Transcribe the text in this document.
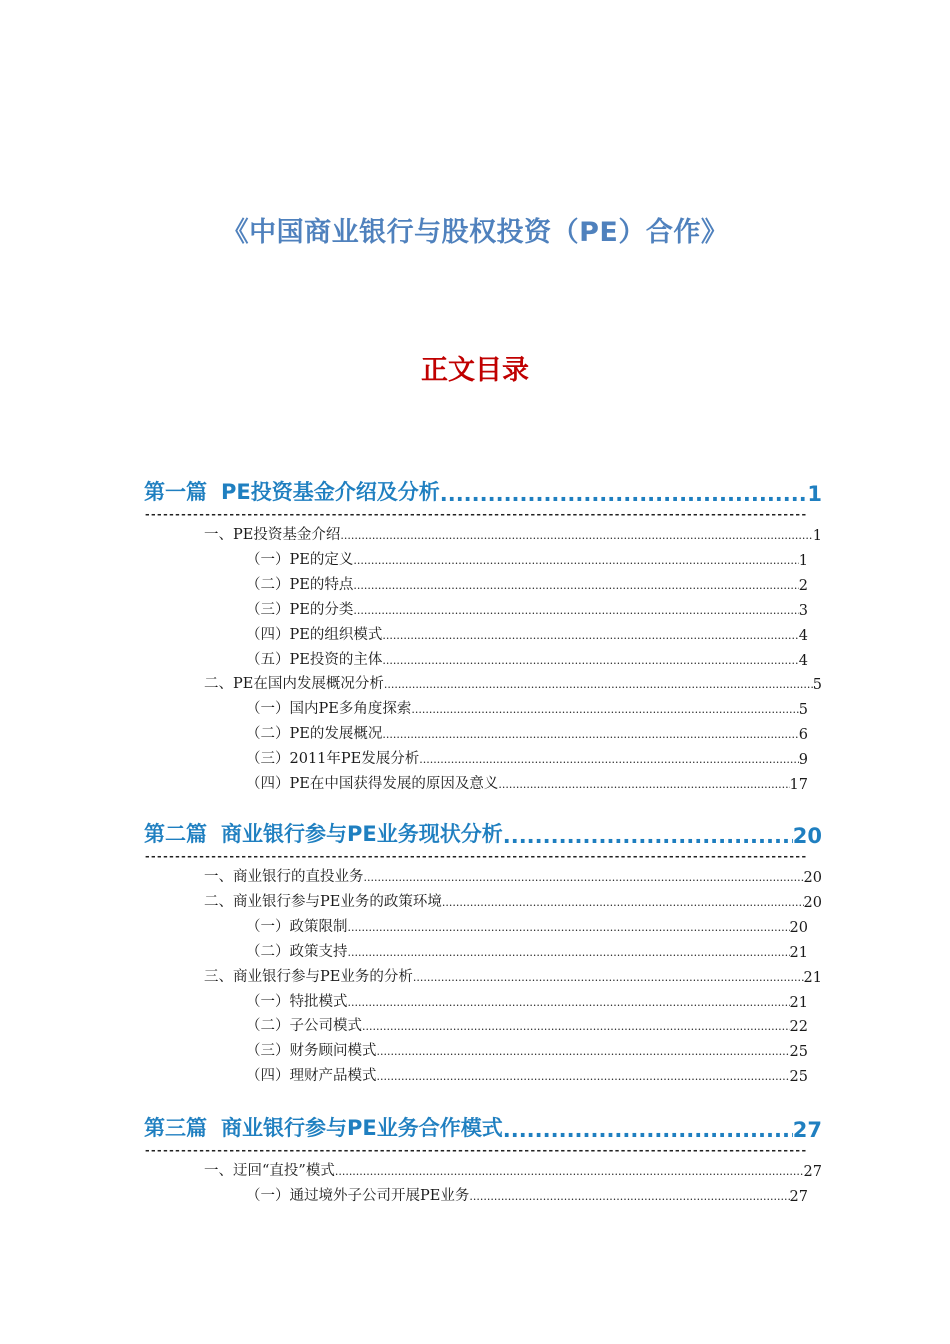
《中国商业银行与股权投资（PE）合作》
正文目录
第一篇 PE投资基金介绍及分析 .....	1
-----
一、PE投资基金介绍 .....	1
（一）PE的定义 .....	1
（二）PE的特点 .....	2
（三）PE的分类 .....	3
（四）PE的组织模式 .....	4
（五）PE投资的主体 .....	4
二、PE在国内发展概况分析 .....	5
（一）国内PE多角度探索 .....	5
（二）PE的发展概况 .....	6
（三）2011年PE发展分析 .....	9
（四）PE在中国获得发展的原因及意义 .....	17
第二篇 商业银行参与PE业务现状分析 .....	20
-----
一、商业银行的直投业务 .....	20
二、商业银行参与PE业务的政策环境 .....	20
（一）政策限制 .....	20
（二）政策支持 .....	21
三、商业银行参与PE业务的分析 .....	21
（一）特批模式 .....	21
（二）子公司模式 .....	22
（三）财务顾问模式 .....	25
（四）理财产品模式 .....	25
第三篇 商业银行参与PE业务合作模式 .....	27
-----
一、迂回“直投”模式 .....	27
（一）通过境外子公司开展PE业务 .....	27
